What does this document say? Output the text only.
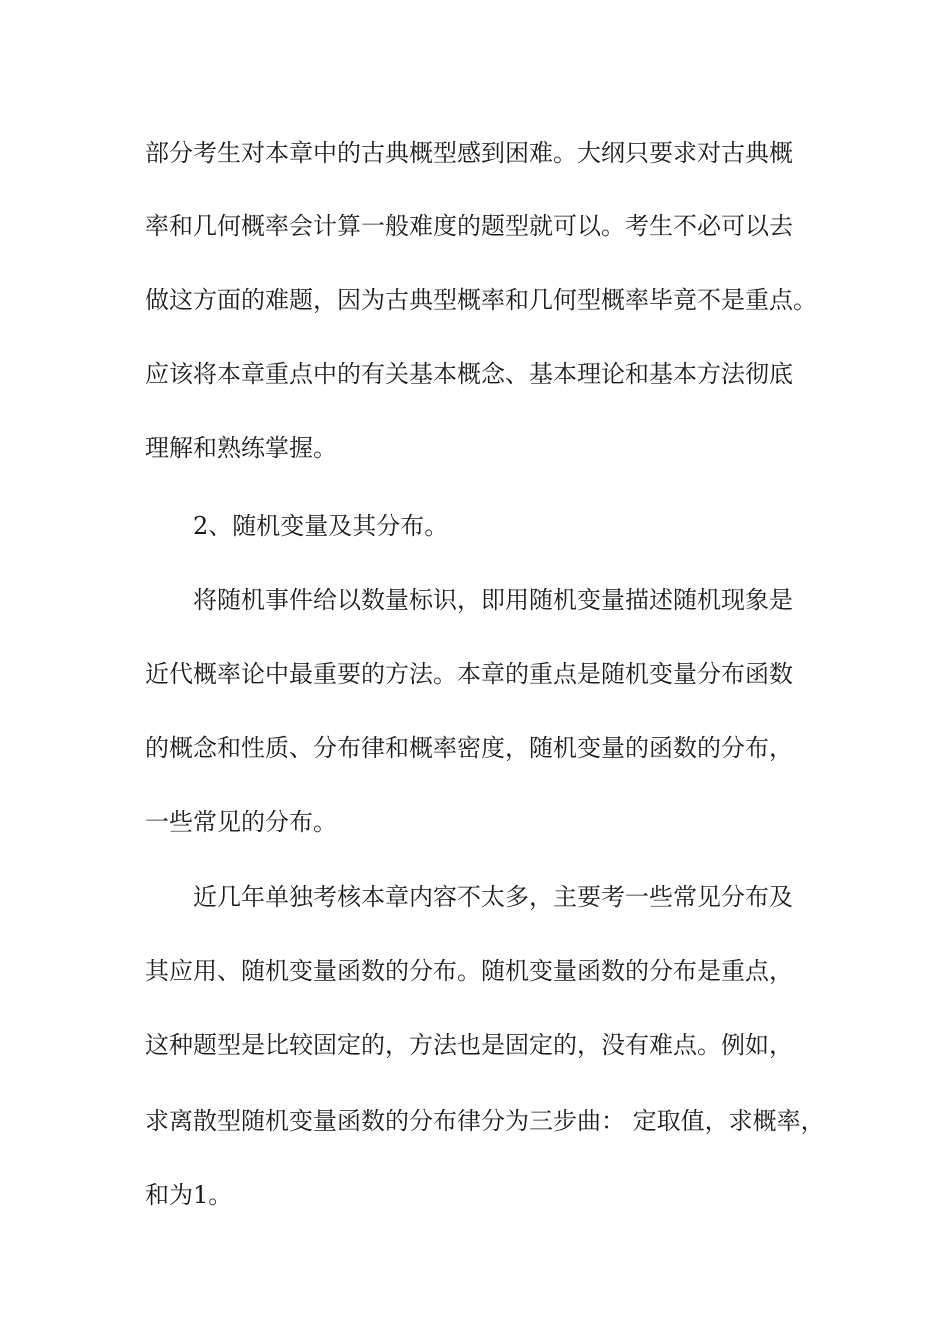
部分考生对本章中的古典概型感到困难。大纲只要求对古典概
率和几何概率会计算一般难度的题型就可以。考生不必可以去
做这方面的难题，因为古典型概率和几何型概率毕竟不是重点。
应该将本章重点中的有关基本概念、基本理论和基本方法彻底
理解和熟练掌握。
2、随机变量及其分布。
将随机事件给以数量标识，即用随机变量描述随机现象是
近代概率论中最重要的方法。本章的重点是随机变量分布函数
的概念和性质、分布律和概率密度，随机变量的函数的分布，
一些常见的分布。
近几年单独考核本章内容不太多，主要考一些常见分布及
其应用、随机变量函数的分布。随机变量函数的分布是重点，
这种题型是比较固定的，方法也是固定的，没有难点。例如，
求离散型随机变量函数的分布律分为三步曲： 定取值，求概率，
和为1。
